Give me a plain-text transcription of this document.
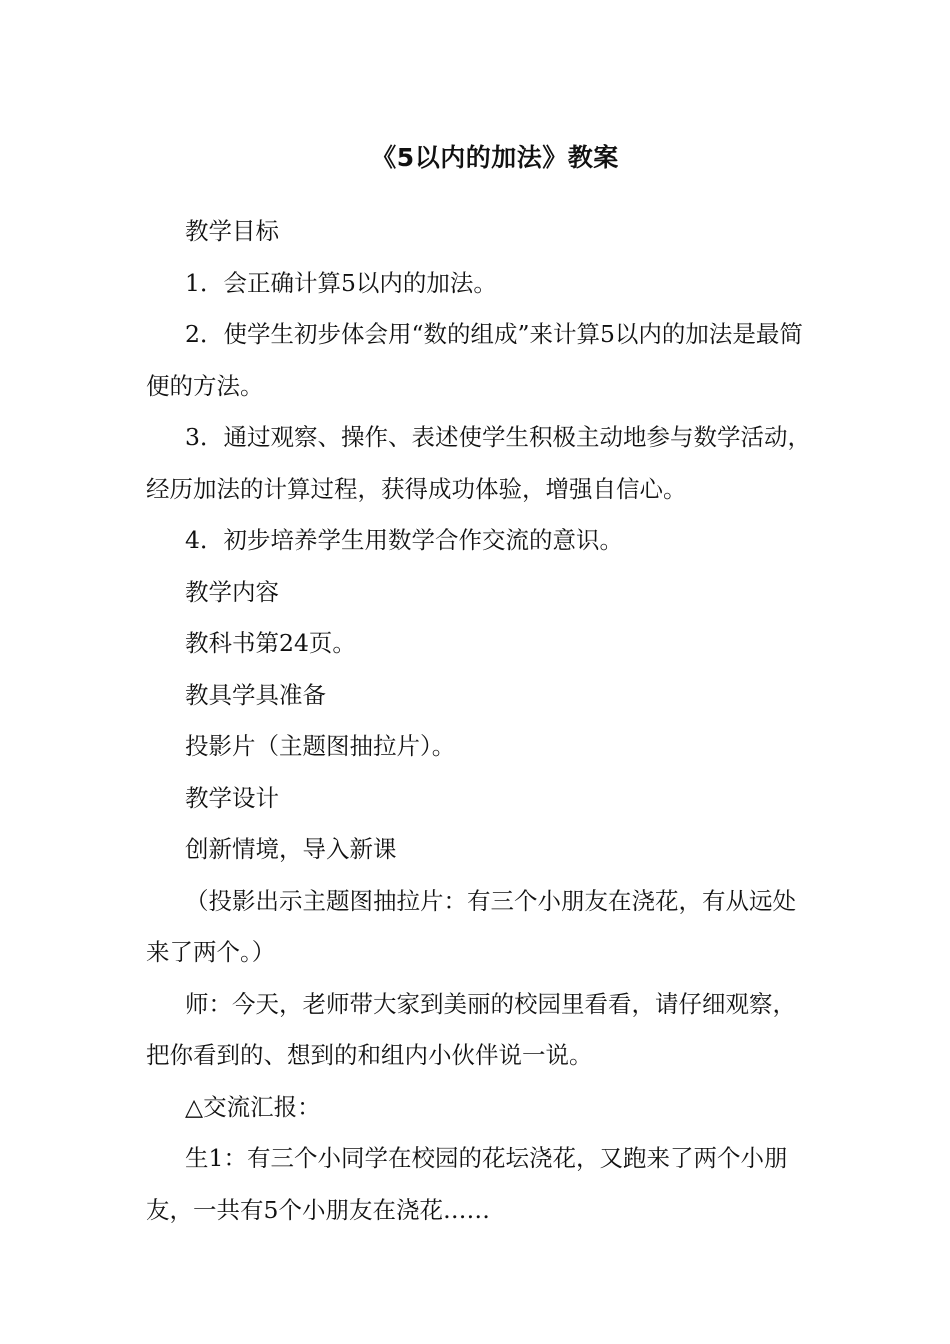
《5以内的加法》教案

教学目标

1．会正确计算5以内的加法。

2．使学生初步体会用“数的组成”来计算5以内的加法是最简便的方法。

3．通过观察、操作、表述使学生积极主动地参与数学活动，经历加法的计算过程，获得成功体验，增强自信心。

4．初步培养学生用数学合作交流的意识。

教学内容

教科书第24页。

教具学具准备

投影片（主题图抽拉片）。

教学设计

创新情境，导入新课

（投影出示主题图抽拉片：有三个小朋友在浇花，有从远处来了两个。）

师：今天，老师带大家到美丽的校园里看看，请仔细观察，把你看到的、想到的和组内小伙伴说一说。

△交流汇报：

生1：有三个小同学在校园的花坛浇花，又跑来了两个小朋友，一共有5个小朋友在浇花……
